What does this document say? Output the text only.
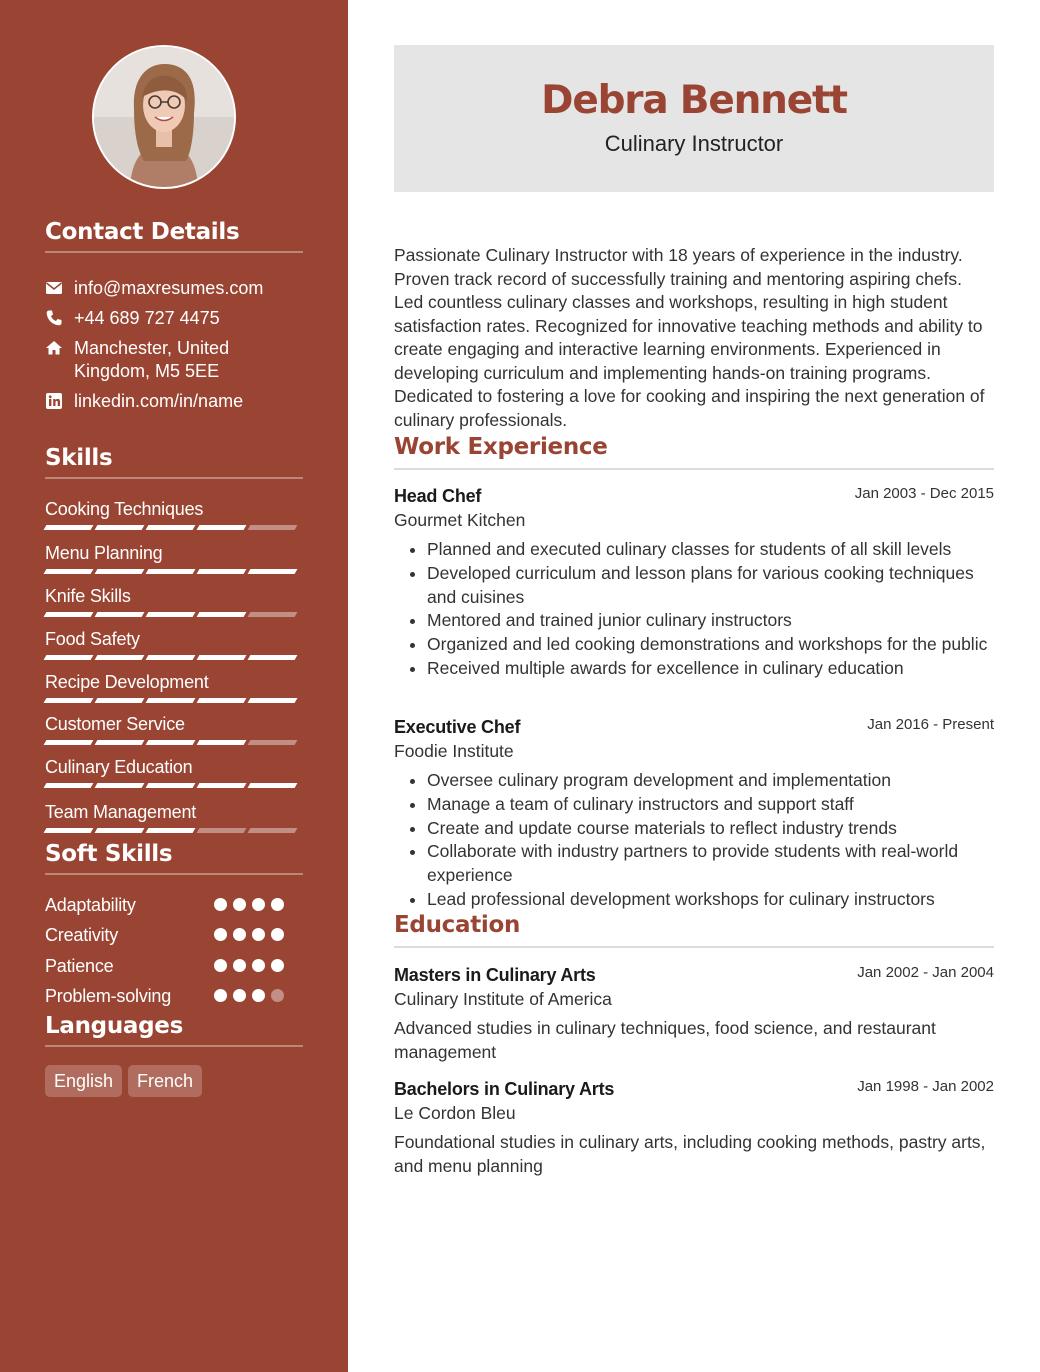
Contact Details
info@maxresumes.com
+44 689 727 4475
Manchester, United Kingdom, M5 5EE
linkedin.com/in/name
Skills
Cooking Techniques
Menu Planning
Knife Skills
Food Safety
Recipe Development
Customer Service
Culinary Education
Team Management
Soft Skills
Adaptability
Creativity
Patience
Problem-solving
Languages
English	French
Debra Bennett
Culinary Instructor

Passionate Culinary Instructor with 18 years of experience in the industry. Proven track record of successfully training and mentoring aspiring chefs. Led countless culinary classes and workshops, resulting in high student satisfaction rates. Recognized for innovative teaching methods and ability to create engaging and interactive learning environments. Experienced in developing curriculum and implementing hands-on training programs. Dedicated to fostering a love for cooking and inspiring the next generation of culinary professionals.

Work Experience
Head Chef	Jan 2003 - Dec 2015
Gourmet Kitchen
• Planned and executed culinary classes for students of all skill levels
• Developed curriculum and lesson plans for various cooking techniques and cuisines
• Mentored and trained junior culinary instructors
• Organized and led cooking demonstrations and workshops for the public
• Received multiple awards for excellence in culinary education
Executive Chef	Jan 2016 - Present
Foodie Institute
• Oversee culinary program development and implementation
• Manage a team of culinary instructors and support staff
• Create and update course materials to reflect industry trends
• Collaborate with industry partners to provide students with real-world experience
• Lead professional development workshops for culinary instructors
Education
Masters in Culinary Arts	Jan 2002 - Jan 2004
Culinary Institute of America

Advanced studies in culinary techniques, food science, and restaurant management

Bachelors in Culinary Arts	Jan 1998 - Jan 2002
Le Cordon Bleu

Foundational studies in culinary arts, including cooking methods, pastry arts, and menu planning
